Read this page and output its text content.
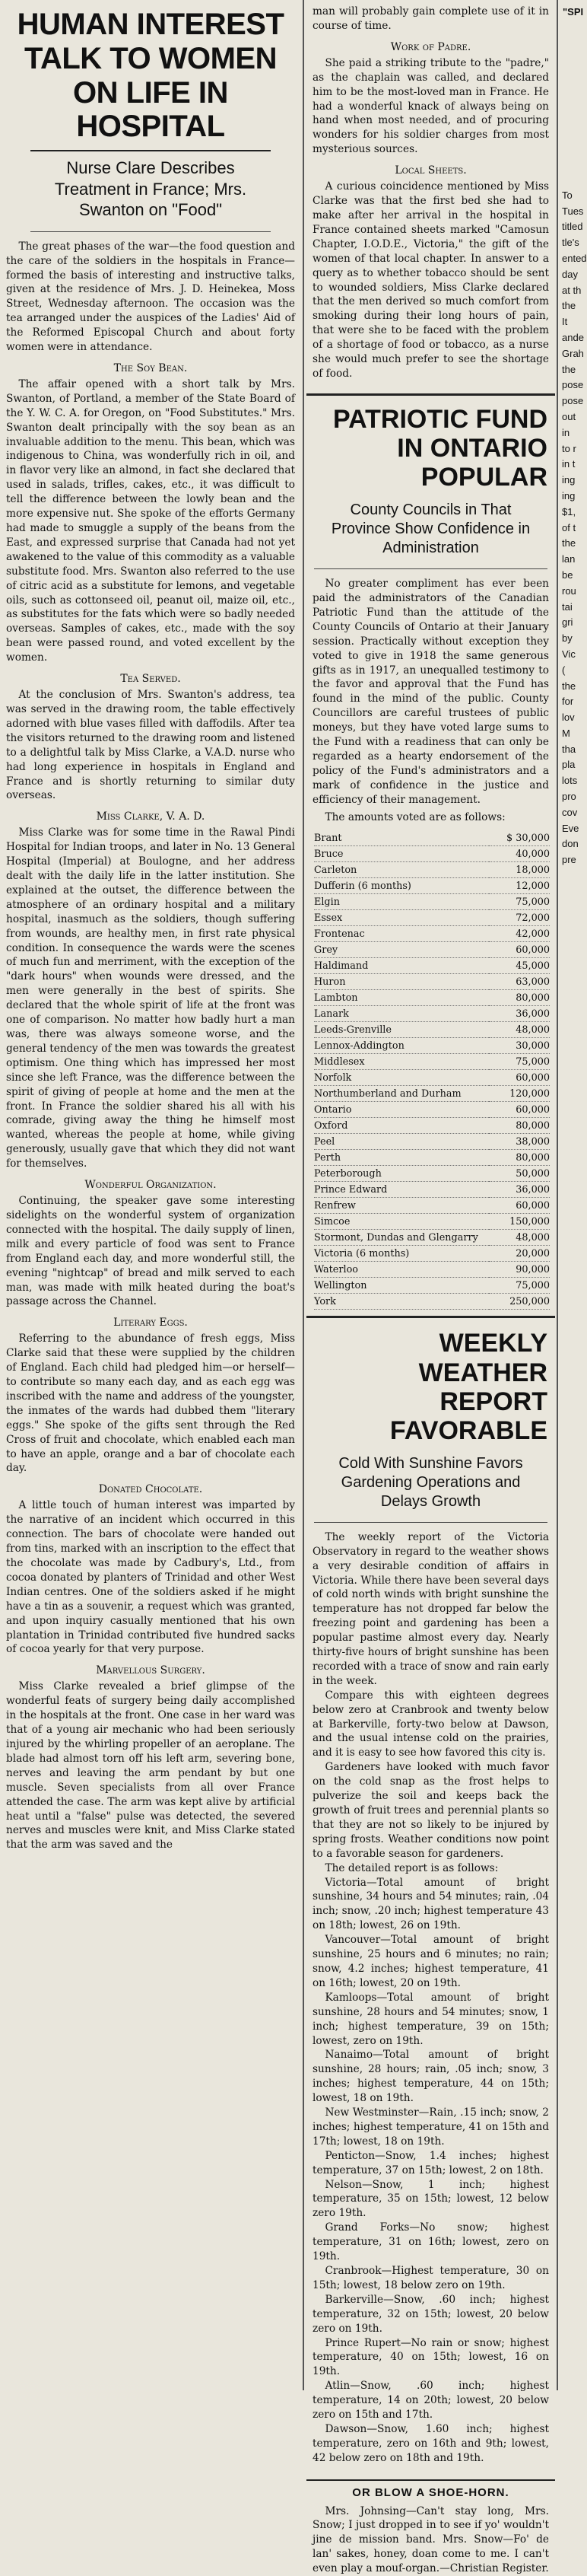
HUMAN INTEREST TALK TO WOMEN ON LIFE IN HOSPITAL
Nurse Clare Describes Treatment in France; Mrs. Swanton on "Food"

The great phases of the war—the food question and the care of the soldiers in the hospitals in France—formed the basis of interesting and instructive talks, given at the residence of Mrs. J. D. Heinekea, Moss Street, Wednesday afternoon. The occasion was the tea arranged under the auspices of the Ladies' Aid of the Reformed Episcopal Church and about forty women were in attendance.

The Soy Bean.

The affair opened with a short talk by Mrs. Swanton, of Portland, a member of the State Board of the Y. W. C. A. for Oregon, on "Food Substitutes." Mrs. Swanton dealt principally with the soy bean as an invaluable addition to the menu. This bean, which was indigenous to China, was wonderfully rich in oil, and in flavor very like an almond, in fact she declared that used in salads, trifles, cakes, etc., it was difficult to tell the difference between the lowly bean and the more expensive nut. She spoke of the efforts Germany had made to smuggle a supply of the beans from the East, and expressed surprise that Canada had not yet awakened to the value of this commodity as a valuable substitute food. Mrs. Swanton also referred to the use of citric acid as a substitute for lemons, and vegetable oils, such as cottonseed oil, peanut oil, maize oil, etc., as substitutes for the fats which were so badly needed overseas. Samples of cakes, etc., made with the soy bean were passed round, and voted excellent by the women.

Tea Served.

At the conclusion of Mrs. Swanton's address, tea was served in the drawing room, the table effectively adorned with blue vases filled with daffodils. After tea the visitors returned to the drawing room and listened to a delightful talk by Miss Clarke, a V.A.D. nurse who had long experience in hospitals in England and France and is shortly returning to similar duty overseas.

Miss Clarke, V. A. D.

Miss Clarke was for some time in the Rawal Pindi Hospital for Indian troops, and later in No. 13 General Hospital (Imperial) at Boulogne, and her address dealt with the daily life in the latter institution. She explained at the outset, the difference between the atmosphere of an ordinary hospital and a military hospital, inasmuch as the soldiers, though suffering from wounds, are healthy men, in first rate physical condition. In consequence the wards were the scenes of much fun and merriment, with the exception of the "dark hours" when wounds were dressed, and the men were generally in the best of spirits. She declared that the whole spirit of life at the front was one of comparison. No matter how badly hurt a man was, there was always someone worse, and the general tendency of the men was towards the greatest optimism. One thing which has impressed her most since she left France, was the difference between the spirit of giving of people at home and the men at the front. In France the soldier shared his all with his comrade, giving away the thing he himself most wanted, whereas the people at home, while giving generously, usually gave that which they did not want for themselves.

Wonderful Organization.

Continuing, the speaker gave some interesting sidelights on the wonderful system of organization connected with the hospital. The daily supply of linen, milk and every particle of food was sent to France from England each day, and more wonderful still, the evening "nightcap" of bread and milk served to each man, was made with milk heated during the boat's passage across the Channel.

Literary Eggs.

Referring to the abundance of fresh eggs, Miss Clarke said that these were supplied by the children of England. Each child had pledged him—or herself—to contribute so many each day, and as each egg was inscribed with the name and address of the youngster, the inmates of the wards had dubbed them "literary eggs." She spoke of the gifts sent through the Red Cross of fruit and chocolate, which enabled each man to have an apple, orange and a bar of chocolate each day.

Donated Chocolate.

A little touch of human interest was imparted by the narrative of an incident which occurred in this connection. The bars of chocolate were handed out from tins, marked with an inscription to the effect that the chocolate was made by Cadbury's, Ltd., from cocoa donated by planters of Trinidad and other West Indian centres. One of the soldiers asked if he might have a tin as a souvenir, a request which was granted, and upon inquiry casually mentioned that his own plantation in Trinidad contributed five hundred sacks of cocoa yearly for that very purpose.

Marvellous Surgery.

Miss Clarke revealed a brief glimpse of the wonderful feats of surgery being daily accomplished in the hospitals at the front. One case in her ward was that of a young air mechanic who had been seriously injured by the whirling propeller of an aeroplane. The blade had almost torn off his left arm, severing bone, nerves and leaving the arm pendant by but one muscle. Seven specialists from all over France attended the case. The arm was kept alive by artificial heat until a "false" pulse was detected, the severed nerves and muscles were knit, and Miss Clarke stated that the arm was saved and the

man will probably gain complete use of it in course of time.

Work of Padre.

She paid a striking tribute to the "padre," as the chaplain was called, and declared him to be the most-loved man in France. He had a wonderful knack of always being on hand when most needed, and of procuring wonders for his soldier charges from most mysterious sources.

Local Sheets.

A curious coincidence mentioned by Miss Clarke was that the first bed she had to make after her arrival in the hospital in France contained sheets marked "Camosun Chapter, I.O.D.E., Victoria," the gift of the women of that local chapter. In answer to a query as to whether tobacco should be sent to wounded soldiers, Miss Clarke declared that the men derived so much comfort from smoking during their long hours of pain, that were she to be faced with the problem of a shortage of food or tobacco, as a nurse she would much prefer to see the shortage of food.

PATRIOTIC FUND IN ONTARIO POPULAR
County Councils in That Province Show Confidence in Administration

No greater compliment has ever been paid the administrators of the Canadian Patriotic Fund than the attitude of the County Councils of Ontario at their January session. Practically without exception they voted to give in 1918 the same generous gifts as in 1917, an unequalled testimony to the favor and approval that the Fund has found in the mind of the public. County Councillors are careful trustees of public moneys, but they have voted large sums to the Fund with a readiness that can only be regarded as a hearty endorsement of the policy of the Fund's administrators and a mark of confidence in the justice and efficiency of their management.

The amounts voted are as follows:

Brant	$ 30,000
Bruce	40,000
Carleton	18,000
Dufferin (6 months)	12,000
Elgin	75,000
Essex	72,000
Frontenac	42,000
Grey	60,000
Haldimand	45,000
Huron	63,000
Lambton	80,000
Lanark	36,000
Leeds-Grenville	48,000
Lennox-Addington	30,000
Middlesex	75,000
Norfolk	60,000
Northumberland and Durham	120,000
Ontario	60,000
Oxford	80,000
Peel	38,000
Perth	80,000
Peterborough	50,000
Prince Edward	36,000
Renfrew	60,000
Simcoe	150,000
Stormont, Dundas and Glengarry	48,000
Victoria (6 months)	20,000
Waterloo	90,000
Wellington	75,000
York	250,000
WEEKLY WEATHER REPORT FAVORABLE
Cold With Sunshine Favors Gardening Operations and Delays Growth

The weekly report of the Victoria Observatory in regard to the weather shows a very desirable condition of affairs in Victoria. While there have been several days of cold north winds with bright sunshine the temperature has not dropped far below the freezing point and gardening has been a popular pastime almost every day. Nearly thirty-five hours of bright sunshine has been recorded with a trace of snow and rain early in the week.

Compare this with eighteen degrees below zero at Cranbrook and twenty below at Barkerville, forty-two below at Dawson, and the usual intense cold on the prairies, and it is easy to see how favored this city is.

Gardeners have looked with much favor on the cold snap as the frost helps to pulverize the soil and keeps back the growth of fruit trees and perennial plants so that they are not so likely to be injured by spring frosts. Weather conditions now point to a favorable season for gardeners.

The detailed report is as follows:

Victoria—Total amount of bright sunshine, 34 hours and 54 minutes; rain, .04 inch; snow, .20 inch; highest temperature 43 on 18th; lowest, 26 on 19th.

Vancouver—Total amount of bright sunshine, 25 hours and 6 minutes; no rain; snow, 4.2 inches; highest temperature, 41 on 16th; lowest, 20 on 19th.

Kamloops—Total amount of bright sunshine, 28 hours and 54 minutes; snow, 1 inch; highest temperature, 39 on 15th; lowest, zero on 19th.

Nanaimo—Total amount of bright sunshine, 28 hours; rain, .05 inch; snow, 3 inches; highest temperature, 44 on 15th; lowest, 18 on 19th.

New Westminster—Rain, .15 inch; snow, 2 inches; highest temperature, 41 on 15th and 17th; lowest, 18 on 19th.

Penticton—Snow, 1.4 inches; highest temperature, 37 on 15th; lowest, 2 on 18th.

Nelson—Snow, 1 inch; highest temperature, 35 on 15th; lowest, 12 below zero 19th.

Grand Forks—No snow; highest temperature, 31 on 16th; lowest, zero on 19th.

Cranbrook—Highest temperature, 30 on 15th; lowest, 18 below zero on 19th.

Barkerville—Snow, .60 inch; highest temperature, 32 on 15th; lowest, 20 below zero on 19th.

Prince Rupert—No rain or snow; highest temperature, 40 on 15th; lowest, 16 on 19th.

Atlin—Snow, .60 inch; highest temperature, 14 on 20th; lowest, 20 below zero on 15th and 17th.

Dawson—Snow, 1.60 inch; highest temperature, zero on 16th and 9th; lowest, 42 below zero on 18th and 19th.

OR BLOW A SHOE-HORN.

Mrs. Johnsing—Can't stay long, Mrs. Snow; I just dropped in to see if yo' wouldn't jine de mission band. Mrs. Snow—Fo' de lan' sakes, honey, doan come to me. I can't even play a mouf-organ.—Christian Register.

"SPI
To
Tues
titled
tle's
ented
day
at th
the
It
ande
Grah
the
pose
pose
out
in
to r
in t
ing
ing
$1,
of t
the
lan
be
rou
tai
gri
by
Vic
(
the
for
lov
M
tha
pla
lots
pro
cov
Eve
don
pre
